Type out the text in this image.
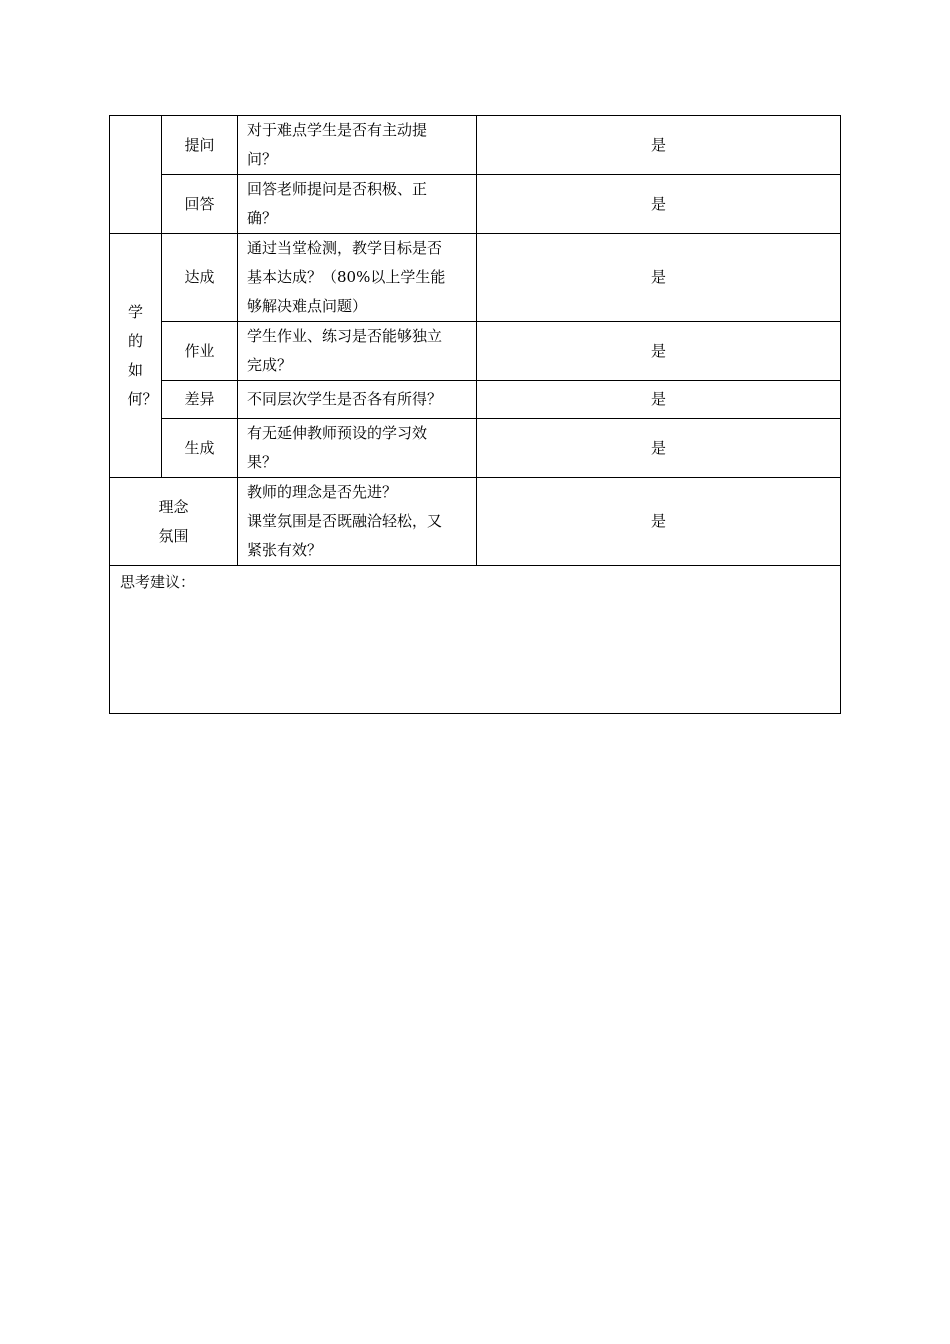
	提问	对于难点学生是否有主动提
问？	是
	回答	回答老师提问是否积极、正
确？	是
学的如何？	达成	通过当堂检测，教学目标是否
基本达成？（80%以上学生能
够解决难点问题）	是
	作业	学生作业、练习是否能够独立
完成？	是
	差异	不同层次学生是否各有所得？	是
	生成	有无延伸教师预设的学习效
果？	是

理念
氛围		教师的理念是否先进？
课堂氛围是否既融洽轻松，又
紧张有效？	是
思考建议：			
